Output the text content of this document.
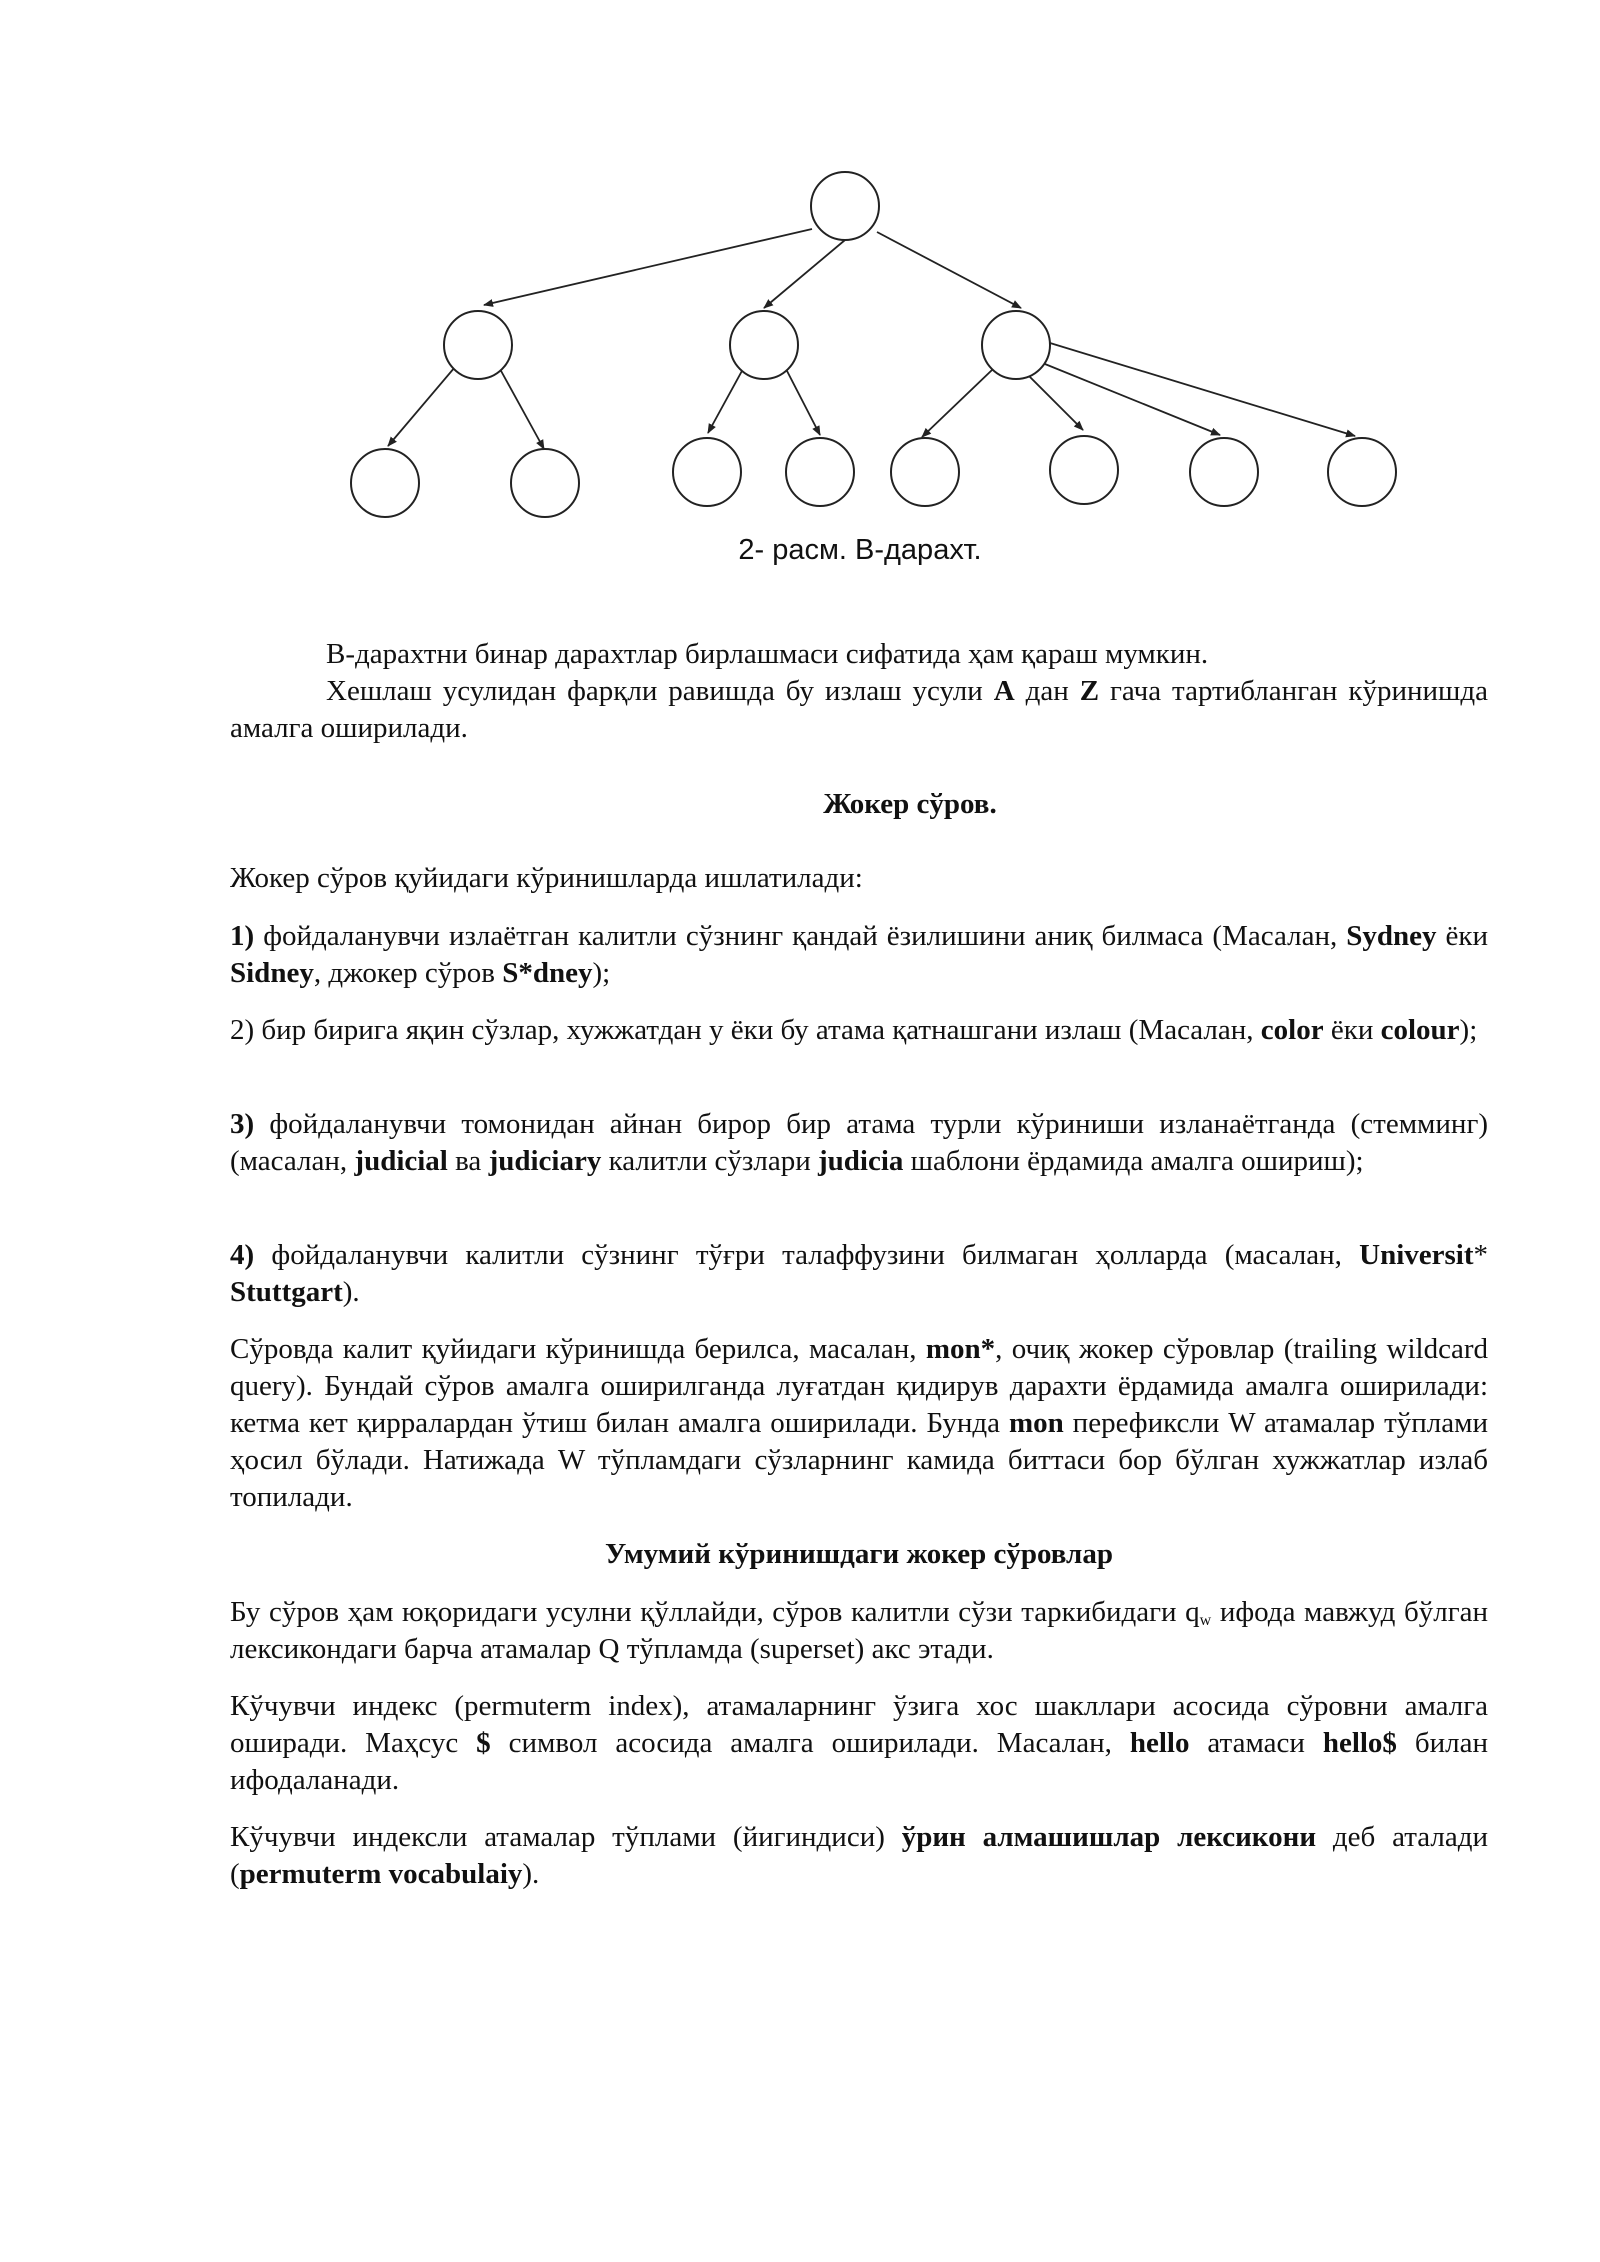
2- расм. B-дарахт.

B-дарахтни бинар дарахтлар бирлашмаси сифатида ҳам қараш мумкин.

Хешлаш усулидан фарқли равишда бу излаш усули A дан Z гача тартибланган кўринишда амалга оширилади.

Жокер сўров.

Жокер сўров қуйидаги кўринишларда ишлатилади:

1) фойдаланувчи излаётган калитли сўзнинг қандай ёзилишини аниқ билмаса (Масалан, Sydney ёки Sidney, джокер сўров S*dney);

2) бир бирига яқин сўзлар, хужжатдан у ёки бу атама қатнашгани излаш (Масалан, color ёки colour);

3) фойдаланувчи томонидан айнан бирор бир атама турли кўриниши изланаётганда (стемминг) (масалан, judicial ва judiciary калитли сўзлари judicia шаблони ёрдамида амалга ошириш);

4) фойдаланувчи калитли сўзнинг тўғри талаффузини билмаган ҳолларда (масалан, Universit* Stuttgart).

Сўровда калит қуйидаги кўринишда берилса, масалан, mon*, очиқ жокер сўровлар (trailing wildcard query). Бундай сўров амалга оширилганда луғатдан қидирув дарахти ёрдамида амалга оширилади: кетма кет қирралардан ўтиш билан амалга оширилади. Бунда mon перефиксли W атамалар тўплами ҳосил бўлади. Натижада W тўпламдаги сўзларнинг камида биттаси бор бўлган хужжатлар излаб топилади.

Умумий кўринишдаги жокер сўровлар

Бу сўров ҳам юқоридаги усулни қўллайди, сўров калитли сўзи таркибидаги $q_w$ ифода мавжуд бўлган лексикондаги барча атамалар Q тўпламда (superset) акс этади.

Кўчувчи индекс (permuterm index), атамаларнинг ўзига хос шакллари асосида сўровни амалга оширади. Маҳсус $ символ асосида амалга оширилади. Масалан, hello атамаси hello$ билан ифодаланади.

Кўчувчи индексли атамалар тўплами (йигиндиси) ўрин алмашишлар лексикони деб аталади (permuterm vocabulaiy).
